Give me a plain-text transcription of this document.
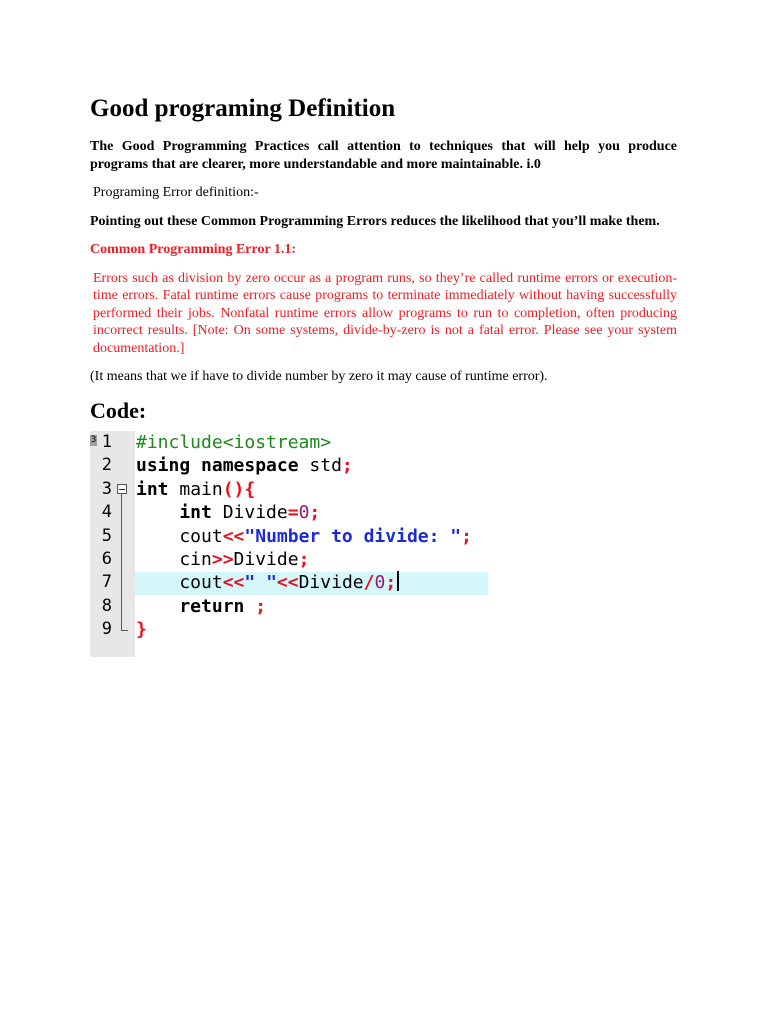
Good programing Definition

The Good Programming Practices call attention to techniques that will help you produce programs that are clearer, more understandable and more maintainable. i.0

Programing Error definition:-

Pointing out these Common Programming Errors reduces the likelihood that you’ll make them.

Common Programming Error 1.1:

Errors such as division by zero occur as a program runs, so they’re called runtime errors or execution-time errors. Fatal runtime errors cause programs to terminate immediately without having successfully performed their jobs. Nonfatal runtime errors allow programs to run to completion, often producing incorrect results. [Note: On some systems, divide-by-zero is not a fatal error. Please see your system documentation.]

(It means that we if have to divide number by zero it may cause of runtime error).

Code:
3 1 #include<iostream>
2 using namespace std;
3 int main(){
4 int Divide=0;
5 cout<<"Number to divide: ";
6 cin>>Divide;
7 cout<<" "<<Divide/0;
8 return ;
9 }
